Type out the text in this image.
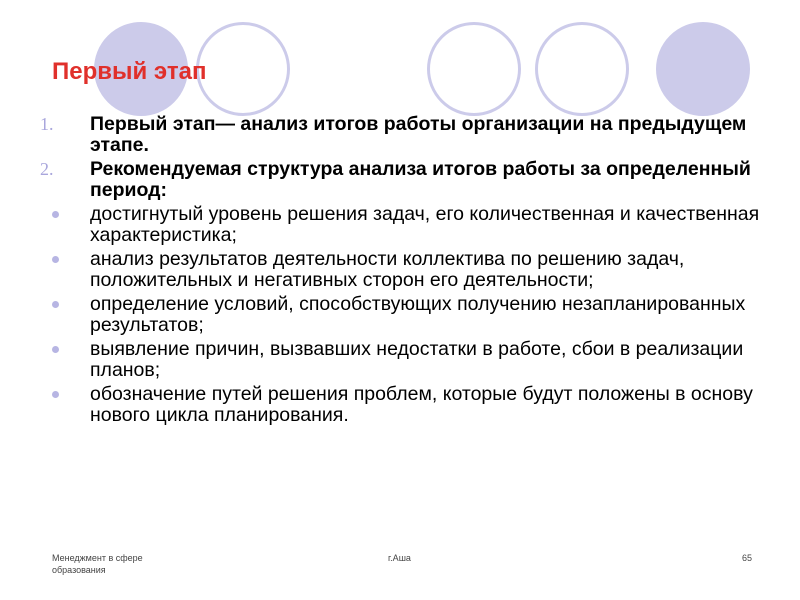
Первый этап
1. Первый этап— анализ итогов работы организации на предыдущем этапе.
2. Рекомендуемая структура анализа итогов работы за определенный период:
достигнутый уровень решения задач, его количественная и качественная характеристика;
анализ результатов деятельности коллектива по решению задач, положительных и негативных сторон его деятельности;
определение условий, способствующих получению незапланированных результатов;
выявление причин, вызвавших недостатки в работе, сбои в реализации планов;
обозначение путей решения проблем, которые будут положены в основу нового цикла планирования.
Менеджмент в сфере образования
г.Аша	65
